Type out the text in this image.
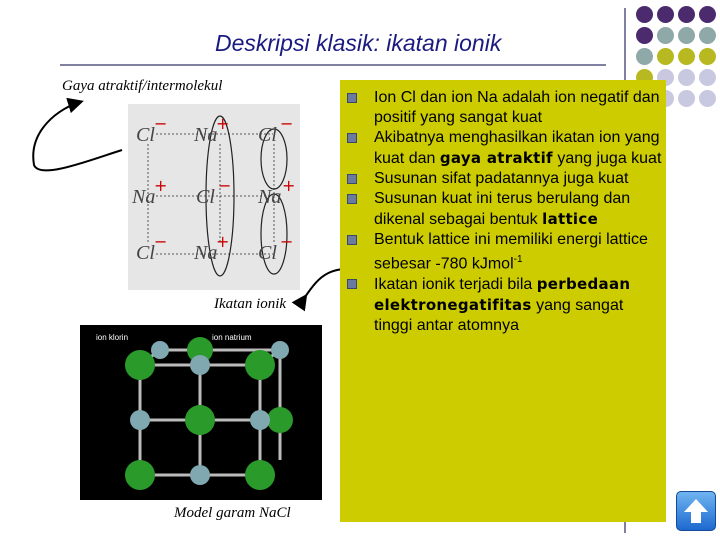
Deskripsi klasik: ikatan ionik
Gaya atraktif/intermolekul
Ikatan ionik
Model garam NaCl
Cl
−
Na
+
Cl
−
Na
+
Cl
−
Na
+
Cl
−
Na
+
Cl
−
ion klorin	ion natrium
Ion Cl dan ion Na adalah ion negatif dan positif yang sangat kuat
Akibatnya menghasilkan ikatan ion yang kuat dan gaya atraktif yang juga kuat
Susunan sifat padatannya juga kuat
Susunan kuat ini terus berulang dan dikenal sebagai bentuk lattice
Bentuk lattice ini memiliki energi lattice sebesar -780 kJmol$^{-1}$
Ikatan ionik terjadi bila perbedaan elektronegatifitas yang sangat tinggi antar atomnya
